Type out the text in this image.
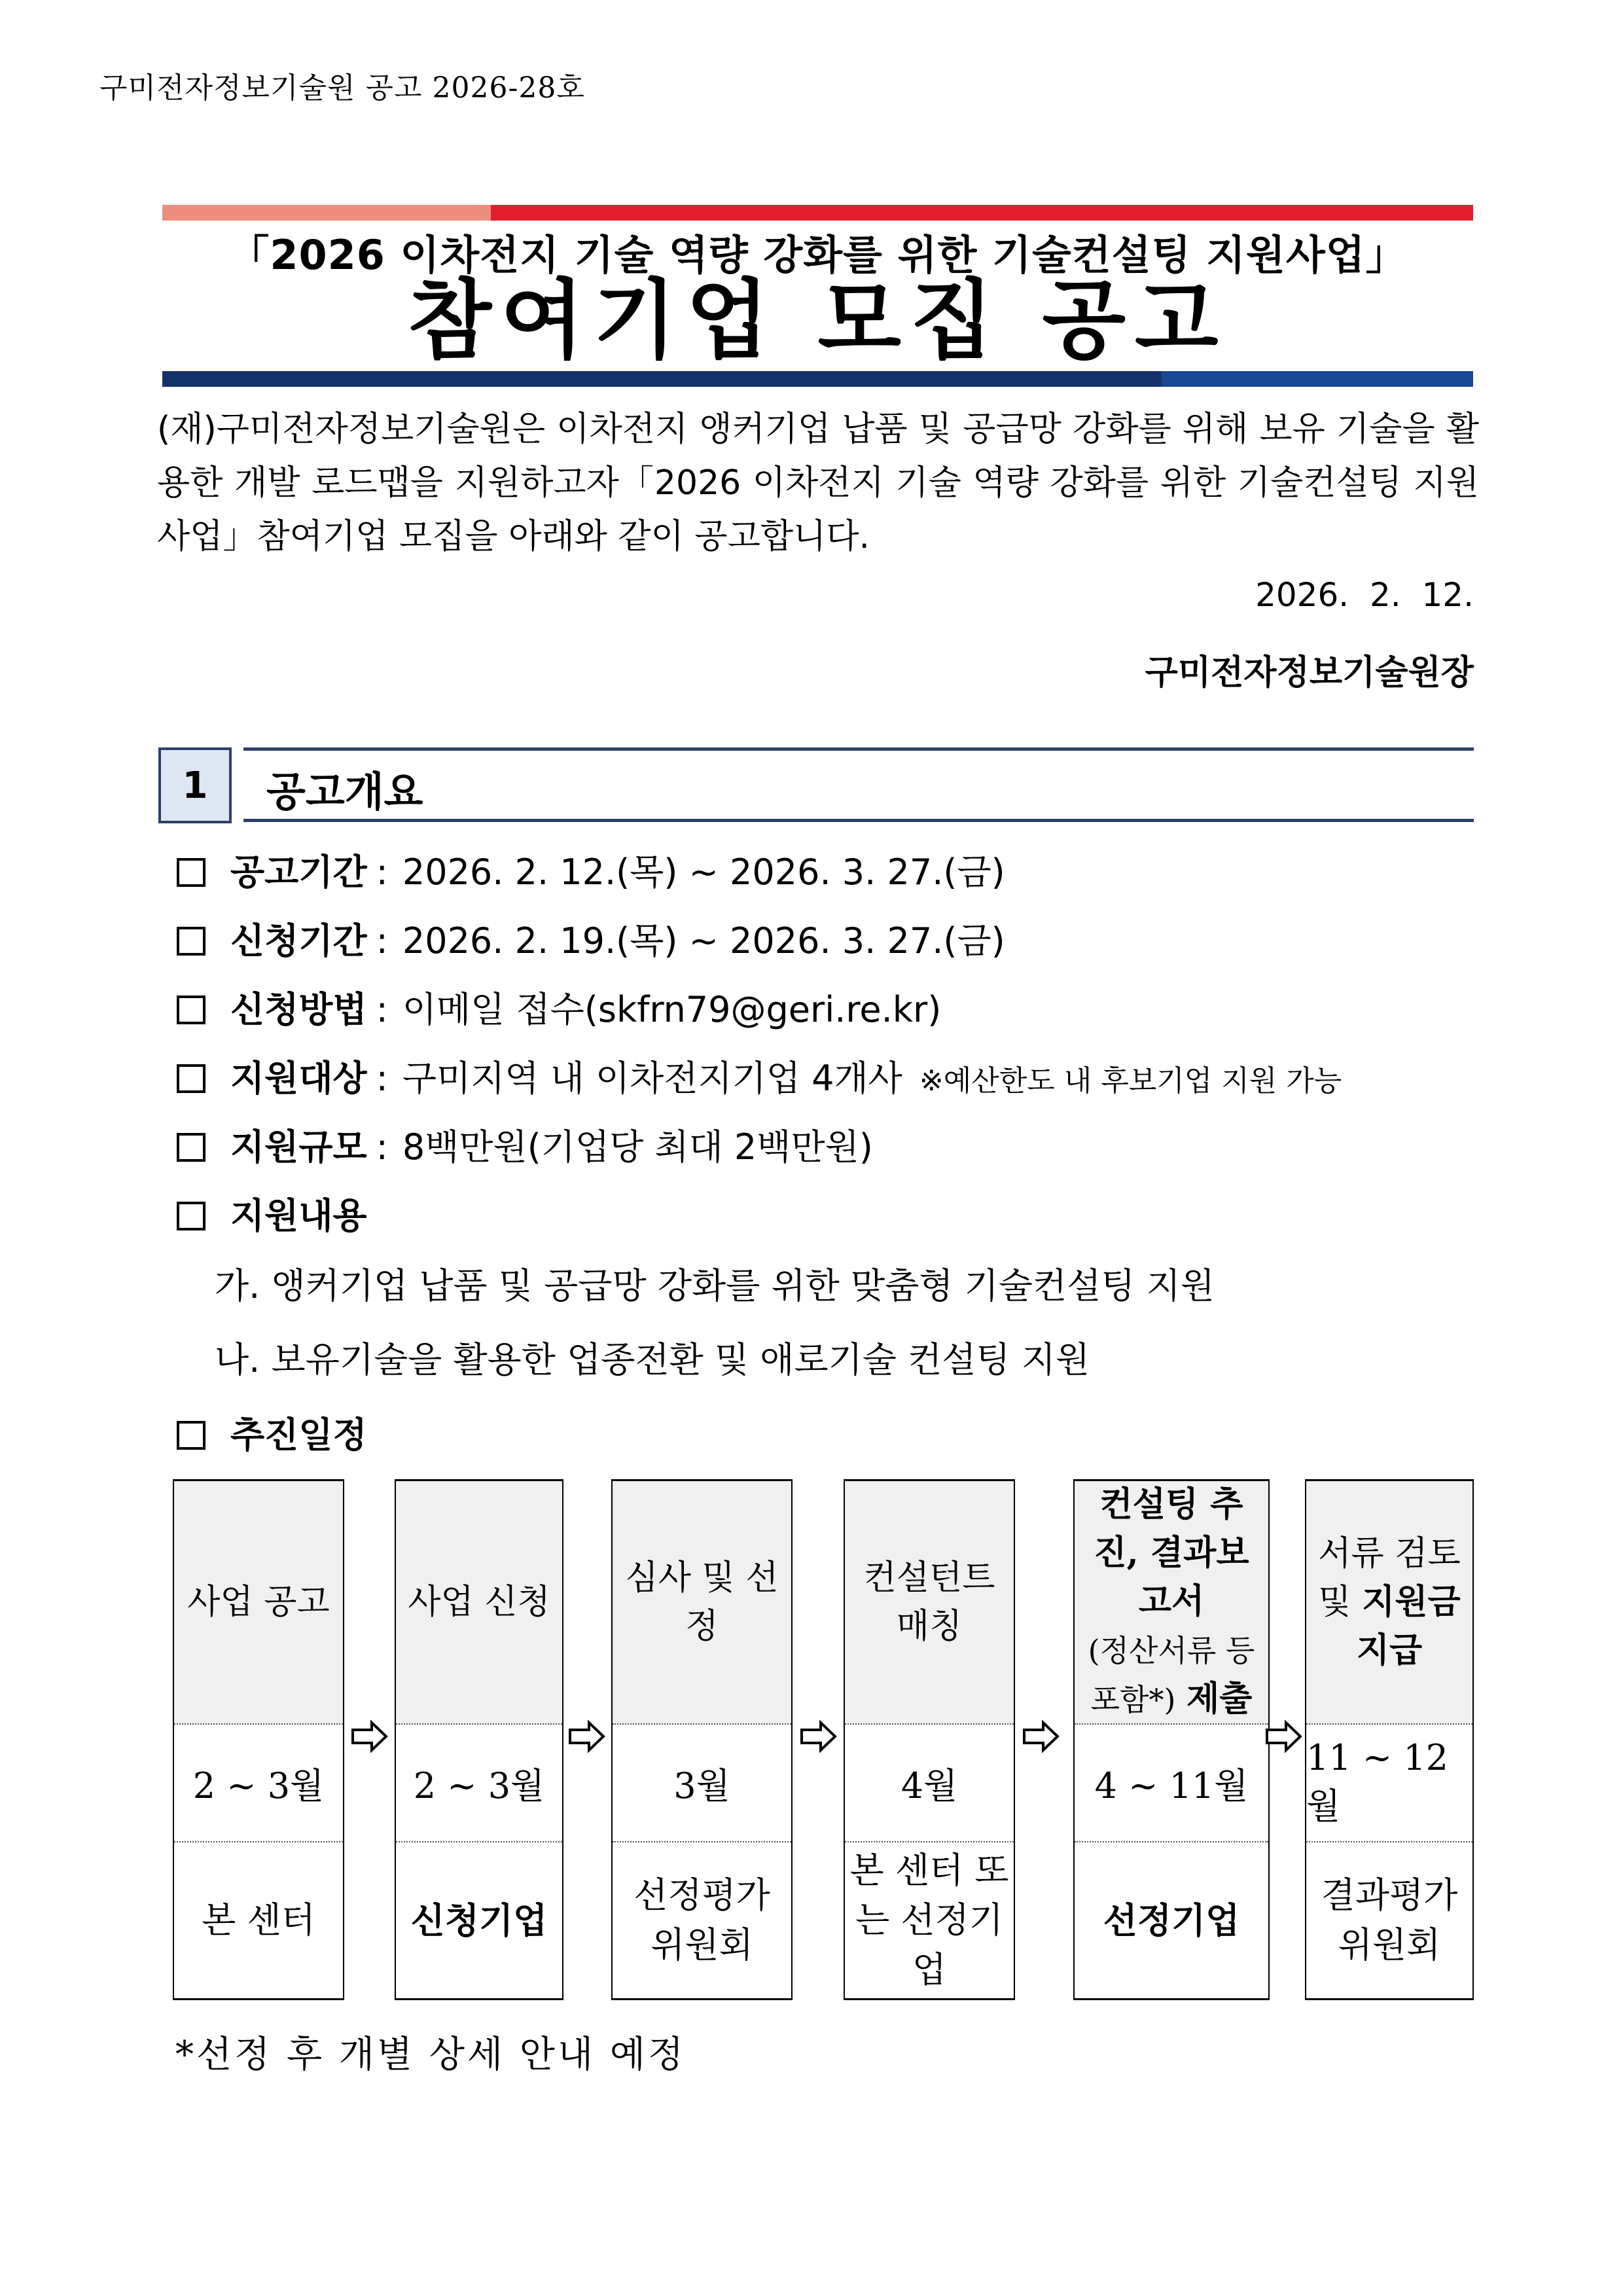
구미전자정보기술원 공고 2026-28호
「2026 이차전지 기술 역량 강화를 위한 기술컨설팅 지원사업」
참여기업 모집 공고
(재)구미전자정보기술원은 이차전지 앵커기업 납품 및 공급망 강화를 위해 보유 기술을 활용한 개발 로드맵을 지원하고자「2026 이차전지 기술 역량 강화를 위한 기술컨설팅 지원사업」참여기업 모집을 아래와 같이 공고합니다.
2026.  2.  12.
구미전자정보기술원장
1	공고개요
공고기간 : 2026. 2. 12.(목) ~ 2026. 3. 27.(금)
신청기간 : 2026. 2. 19.(목) ~ 2026. 3. 27.(금)
신청방법 : 이메일 접수(skfrn79@geri.re.kr)
지원대상 : 구미지역 내 이차전지기업 4개사 ※예산한도 내 후보기업 지원 가능
지원규모 : 8백만원(기업당 최대 2백만원)
지원내용
가. 앵커기업 납품 및 공급망 강화를 위한 맞춤형 기술컨설팅 지원
나. 보유기술을 활용한 업종전환 및 애로기술 컨설팅 지원
추진일정
사업 공고
2 ~ 3월
본 센터
사업 신청
2 ~ 3월
신청기업
심사 및 선정
3월
선정평가 위원회
컨설턴트 매칭
4월
본 센터 또는 선정기업
컨설팅 추진, 결과보고서
(정산서류 등 포함*) 제출
4 ~ 11월
선정기업
서류 검토 및 지원금 지급
11 ~ 12월
결과평가 위원회
*선정 후 개별 상세 안내 예정
